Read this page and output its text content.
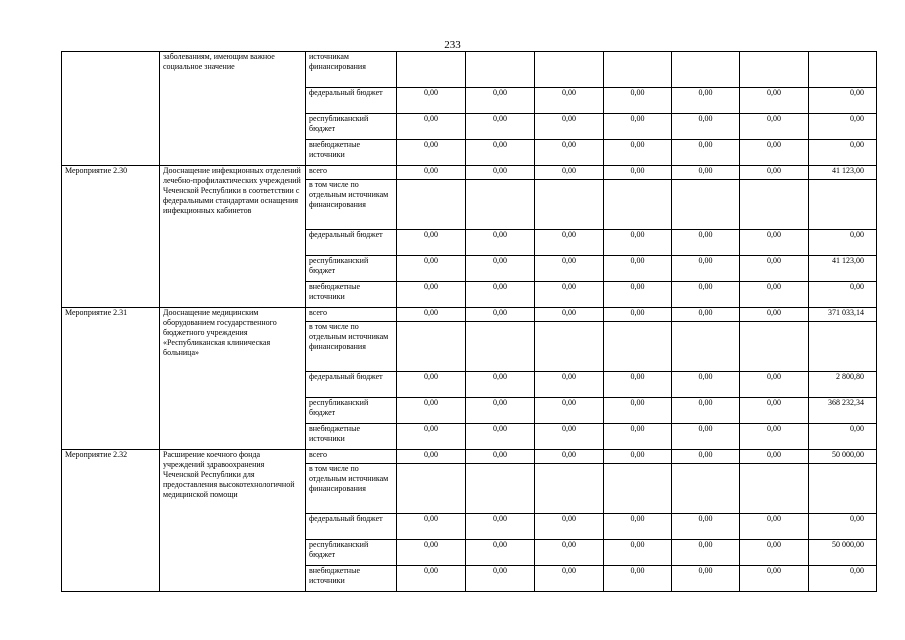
233
	заболеваниям, имеющим важное социальное значение	источникам финансирования							
		федеральный бюджет	0,00	0,00	0,00	0,00	0,00	0,00	0,00
		республиканский бюджет	0,00	0,00	0,00	0,00	0,00	0,00	0,00
		внебюджетные источники	0,00	0,00	0,00	0,00	0,00	0,00	0,00
Мероприятие 2.30	Дооснащение инфекционных отделений лечебно-профилактических учреждений Чеченской Республики в соответствии с федеральными стандартами оснащения инфекционных кабинетов	всего	0,00	0,00	0,00	0,00	0,00	0,00	41 123,00
		в том числе по отдельным источникам финансирования							
		федеральный бюджет	0,00	0,00	0,00	0,00	0,00	0,00	0,00
		республиканский бюджет	0,00	0,00	0,00	0,00	0,00	0,00	41 123,00
		внебюджетные источники	0,00	0,00	0,00	0,00	0,00	0,00	0,00
Мероприятие 2.31	Дооснащение медицинским оборудованием государственного бюджетного учреждения «Республиканская клиническая больница»	всего	0,00	0,00	0,00	0,00	0,00	0,00	371 033,14
		в том числе по отдельным источникам финансирования							
		федеральный бюджет	0,00	0,00	0,00	0,00	0,00	0,00	2 800,80
		республиканский бюджет	0,00	0,00	0,00	0,00	0,00	0,00	368 232,34
		внебюджетные источники	0,00	0,00	0,00	0,00	0,00	0,00	0,00
Мероприятие 2.32	Расширение коечного фонда учреждений здравоохранения Чеченской Республики для предоставления высокотехнологичной медицинской помощи	всего	0,00	0,00	0,00	0,00	0,00	0,00	50 000,00
		в том числе по отдельным источникам финансирования							
		федеральный бюджет	0,00	0,00	0,00	0,00	0,00	0,00	0,00
		республиканский бюджет	0,00	0,00	0,00	0,00	0,00	0,00	50 000,00
		внебюджетные источники	0,00	0,00	0,00	0,00	0,00	0,00	0,00
